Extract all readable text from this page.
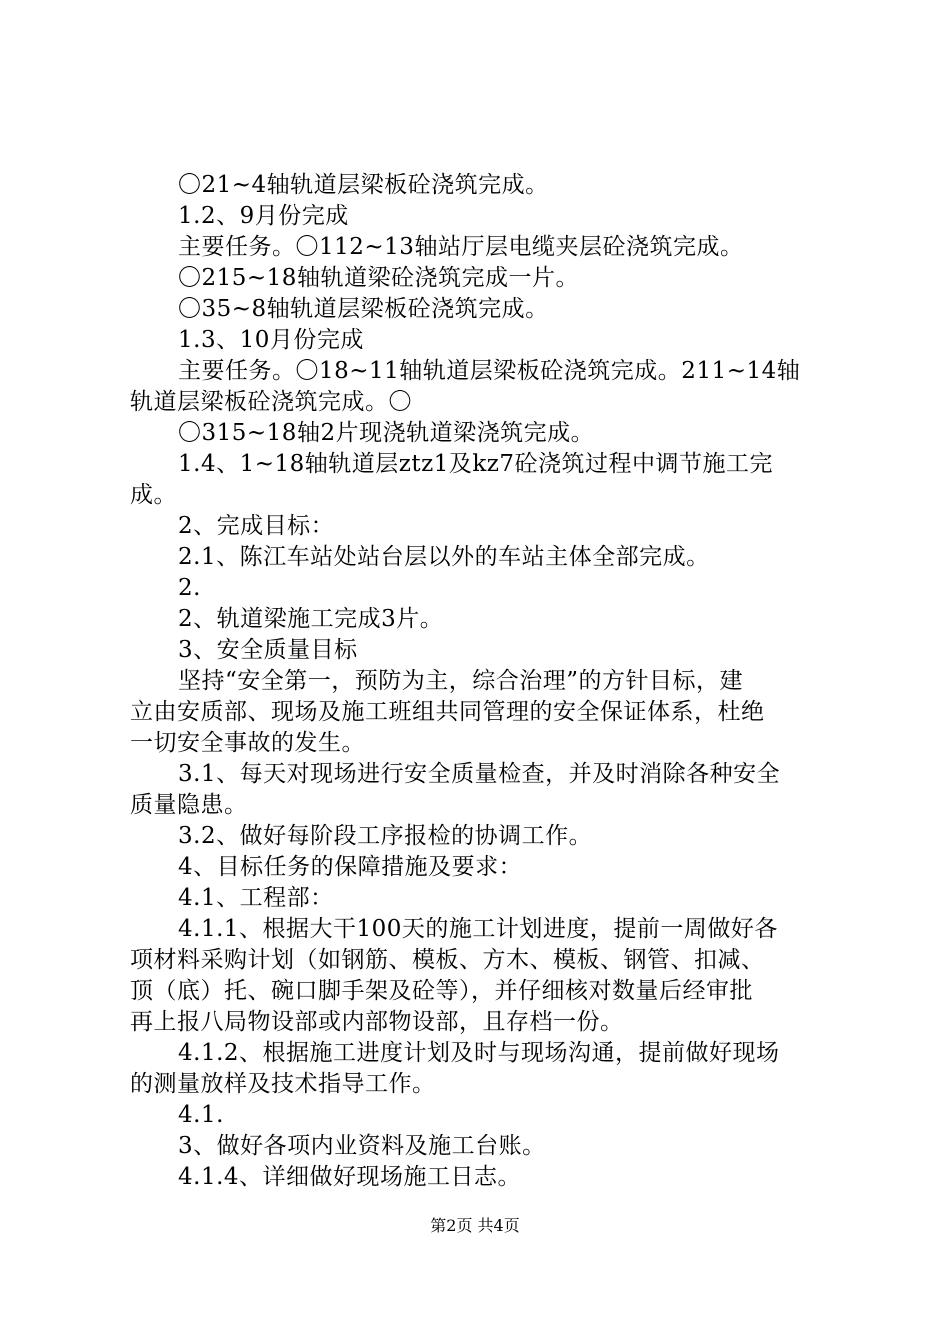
〇21~4轴轨道层梁板砼浇筑完成。
1.2、9月份完成
主要任务。〇112~13轴站厅层电缆夹层砼浇筑完成。
〇215~18轴轨道梁砼浇筑完成一片。
〇35~8轴轨道层梁板砼浇筑完成。
1.3、10月份完成
主要任务。〇18~11轴轨道层梁板砼浇筑完成。211~14轴
轨道层梁板砼浇筑完成。〇
〇315~18轴2片现浇轨道梁浇筑完成。
1.4、1~18轴轨道层ztz1及kz7砼浇筑过程中调节施工完
成。
2、完成目标：
2.1、陈江车站处站台层以外的车站主体全部完成。
2.
2、轨道梁施工完成3片。
3、安全质量目标
坚持“安全第一，预防为主，综合治理”的方针目标，建
立由安质部、现场及施工班组共同管理的安全保证体系，杜绝
一切安全事故的发生。
3.1、每天对现场进行安全质量检查，并及时消除各种安全
质量隐患。
3.2、做好每阶段工序报检的协调工作。
4、目标任务的保障措施及要求：
4.1、工程部：
4.1.1、根据大干100天的施工计划进度，提前一周做好各
项材料采购计划（如钢筋、模板、方木、模板、钢管、扣减、
顶（底）托、碗口脚手架及砼等），并仔细核对数量后经审批
再上报八局物设部或内部物设部，且存档一份。
4.1.2、根据施工进度计划及时与现场沟通，提前做好现场
的测量放样及技术指导工作。
4.1.
3、做好各项内业资料及施工台账。
4.1.4、详细做好现场施工日志。
第2页 共4页
